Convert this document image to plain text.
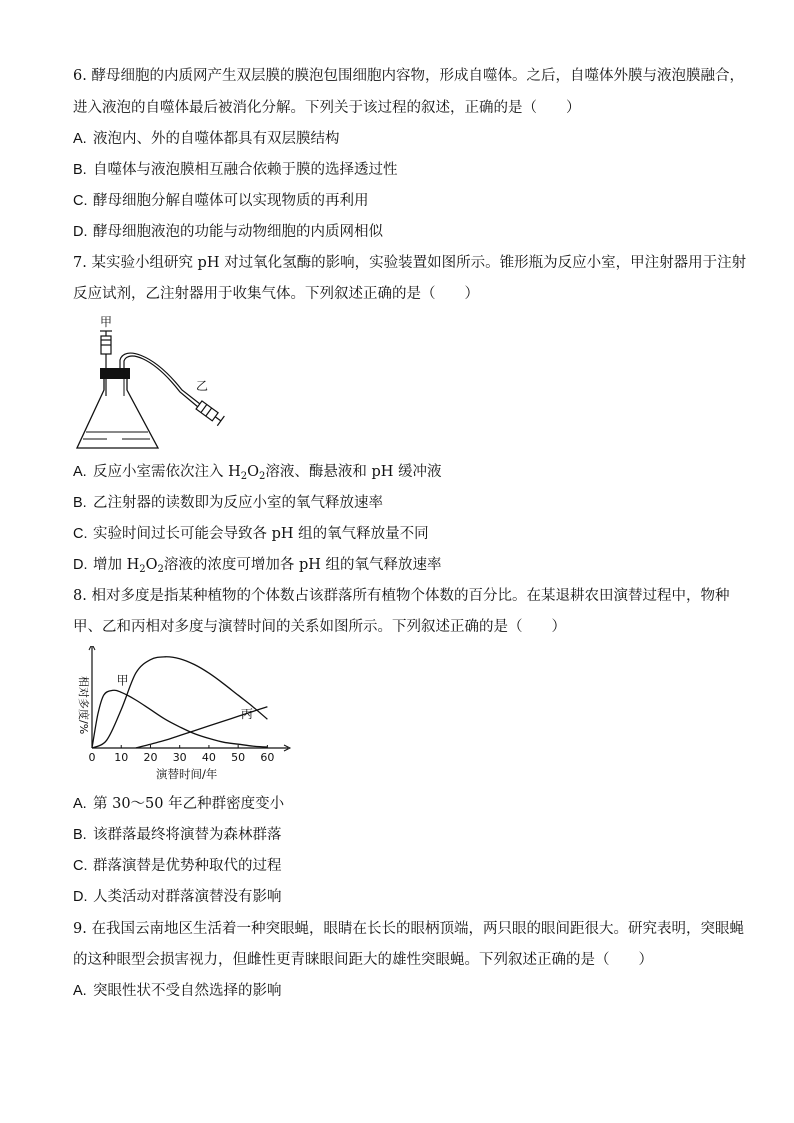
6. 酵母细胞的内质网产生双层膜的膜泡包围细胞内容物，形成自噬体。之后，自噬体外膜与液泡膜融合，
进入液泡的自噬体最后被消化分解。下列关于该过程的叙述，正确的是（　　）
A. 液泡内、外的自噬体都具有双层膜结构
B. 自噬体与液泡膜相互融合依赖于膜的选择透过性
C. 酵母细胞分解自噬体可以实现物质的再利用
D. 酵母细胞液泡的功能与动物细胞的内质网相似
7. 某实验小组研究 pH 对过氧化氢酶的影响，实验装置如图所示。锥形瓶为反应小室，甲注射器用于注射
反应试剂，乙注射器用于收集气体。下列叙述正确的是（　　）
甲
乙
A. 反应小室需依次注入 $H_2O_2$溶液、酶悬液和 pH 缓冲液
B. 乙注射器的读数即为反应小室的氧气释放速率
C. 实验时间过长可能会导致各 pH 组的氧气释放量不同
D. 增加 $H_2O_2$溶液的浓度可增加各 pH 组的氧气释放速率
8. 相对多度是指某种植物的个体数占该群落所有植物个体数的百分比。在某退耕农田演替过程中，物种
甲、乙和丙相对多度与演替时间的关系如图所示。下列叙述正确的是（　　）
甲
丙
0 10 20 30 40 50 60
相对多度/%
演替时间/年
A. 第 30～50 年乙种群密度变小
B. 该群落最终将演替为森林群落
C. 群落演替是优势种取代的过程
D. 人类活动对群落演替没有影响
9. 在我国云南地区生活着一种突眼蝇，眼睛在长长的眼柄顶端，两只眼的眼间距很大。研究表明，突眼蝇
的这种眼型会损害视力，但雌性更青睐眼间距大的雄性突眼蝇。下列叙述正确的是（　　）
A. 突眼性状不受自然选择的影响
